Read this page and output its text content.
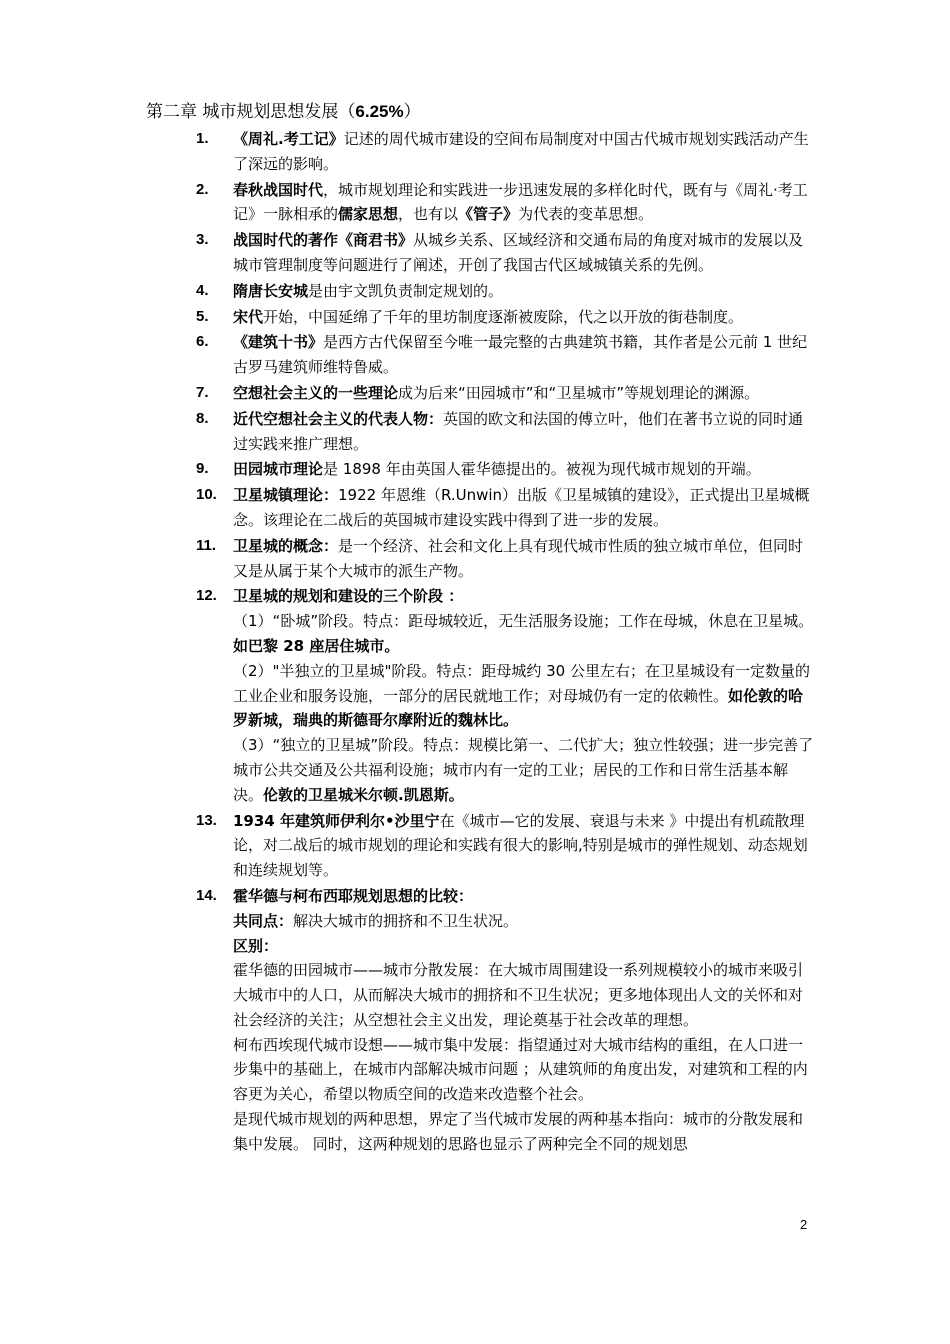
第二章 城市规划思想发展（6.25%）
1.	《周礼.考工记》记述的周代城市建设的空间布局制度对中国古代城市规划实践活动产生了深远的影响。
2.	春秋战国时代，城市规划理论和实践进一步迅速发展的多样化时代，既有与《周礼·考工记》一脉相承的儒家思想，也有以《管子》为代表的变革思想。
3.	战国时代的著作《商君书》从城乡关系、区域经济和交通布局的角度对城市的发展以及城市管理制度等问题进行了阐述，开创了我国古代区域城镇关系的先例。
4.	隋唐长安城是由宇文凯负责制定规划的。
5.	宋代开始，中国延绵了千年的里坊制度逐渐被废除，代之以开放的街巷制度。
6.	《建筑十书》是西方古代保留至今唯一最完整的古典建筑书籍，其作者是公元前 1 世纪古罗马建筑师维特鲁威。
7.	空想社会主义的一些理论成为后来“田园城市”和“卫星城市”等规划理论的渊源。
8.	近代空想社会主义的代表人物：英国的欧文和法国的傅立叶，他们在著书立说的同时通过实践来推广理想。
9.	田园城市理论是 1898 年由英国人霍华德提出的。被视为现代城市规划的开端。
10.	卫星城镇理论：1922 年恩维（R.Unwin）出版《卫星城镇的建设》，正式提出卫星城概念。该理论在二战后的英国城市建设实践中得到了进一步的发展。
11.	卫星城的概念：是一个经济、社会和文化上具有现代城市性质的独立城市单位，但同时又是从属于某个大城市的派生产物。
12.	卫星城的规划和建设的三个阶段 ：
（1）“卧城”阶段。特点：距母城较近，无生活服务设施；工作在母城，休息在卫星城。如巴黎 28 座居住城市。
（2）"半独立的卫星城"阶段。特点：距母城约 30 公里左右；在卫星城设有一定数量的工业企业和服务设施，一部分的居民就地工作；对母城仍有一定的依赖性。如伦敦的哈罗新城，瑞典的斯德哥尔摩附近的魏林比。
（3）“独立的卫星城”阶段。特点：规模比第一、二代扩大；独立性较强；进一步完善了城市公共交通及公共福利设施；城市内有一定的工业；居民的工作和日常生活基本解决。伦敦的卫星城米尔顿.凯恩斯。
13.	1934 年建筑师伊利尔•沙里宁在《城市—它的发展、衰退与未来 》中提出有机疏散理论，对二战后的城市规划的理论和实践有很大的影响,特别是城市的弹性规划、动态规划和连续规划等。
14.	霍华德与柯布西耶规划思想的比较：
共同点：解决大城市的拥挤和不卫生状况。
区别：
霍华德的田园城市——城市分散发展：在大城市周围建设一系列规模较小的城市来吸引大城市中的人口，从而解决大城市的拥挤和不卫生状况；更多地体现出人文的关怀和对社会经济的关注；从空想社会主义出发，理论奠基于社会改革的理想。
柯布西埃现代城市设想——城市集中发展：指望通过对大城市结构的重组，在人口进一步集中的基础上，在城市内部解决城市问题 ；从建筑师的角度出发，对建筑和工程的内容更为关心，希望以物质空间的改造来改造整个社会。
是现代城市规划的两种思想，界定了当代城市发展的两种基本指向：城市的分散发展和集中发展。 同时，这两种规划的思路也显示了两种完全不同的规划思
2
